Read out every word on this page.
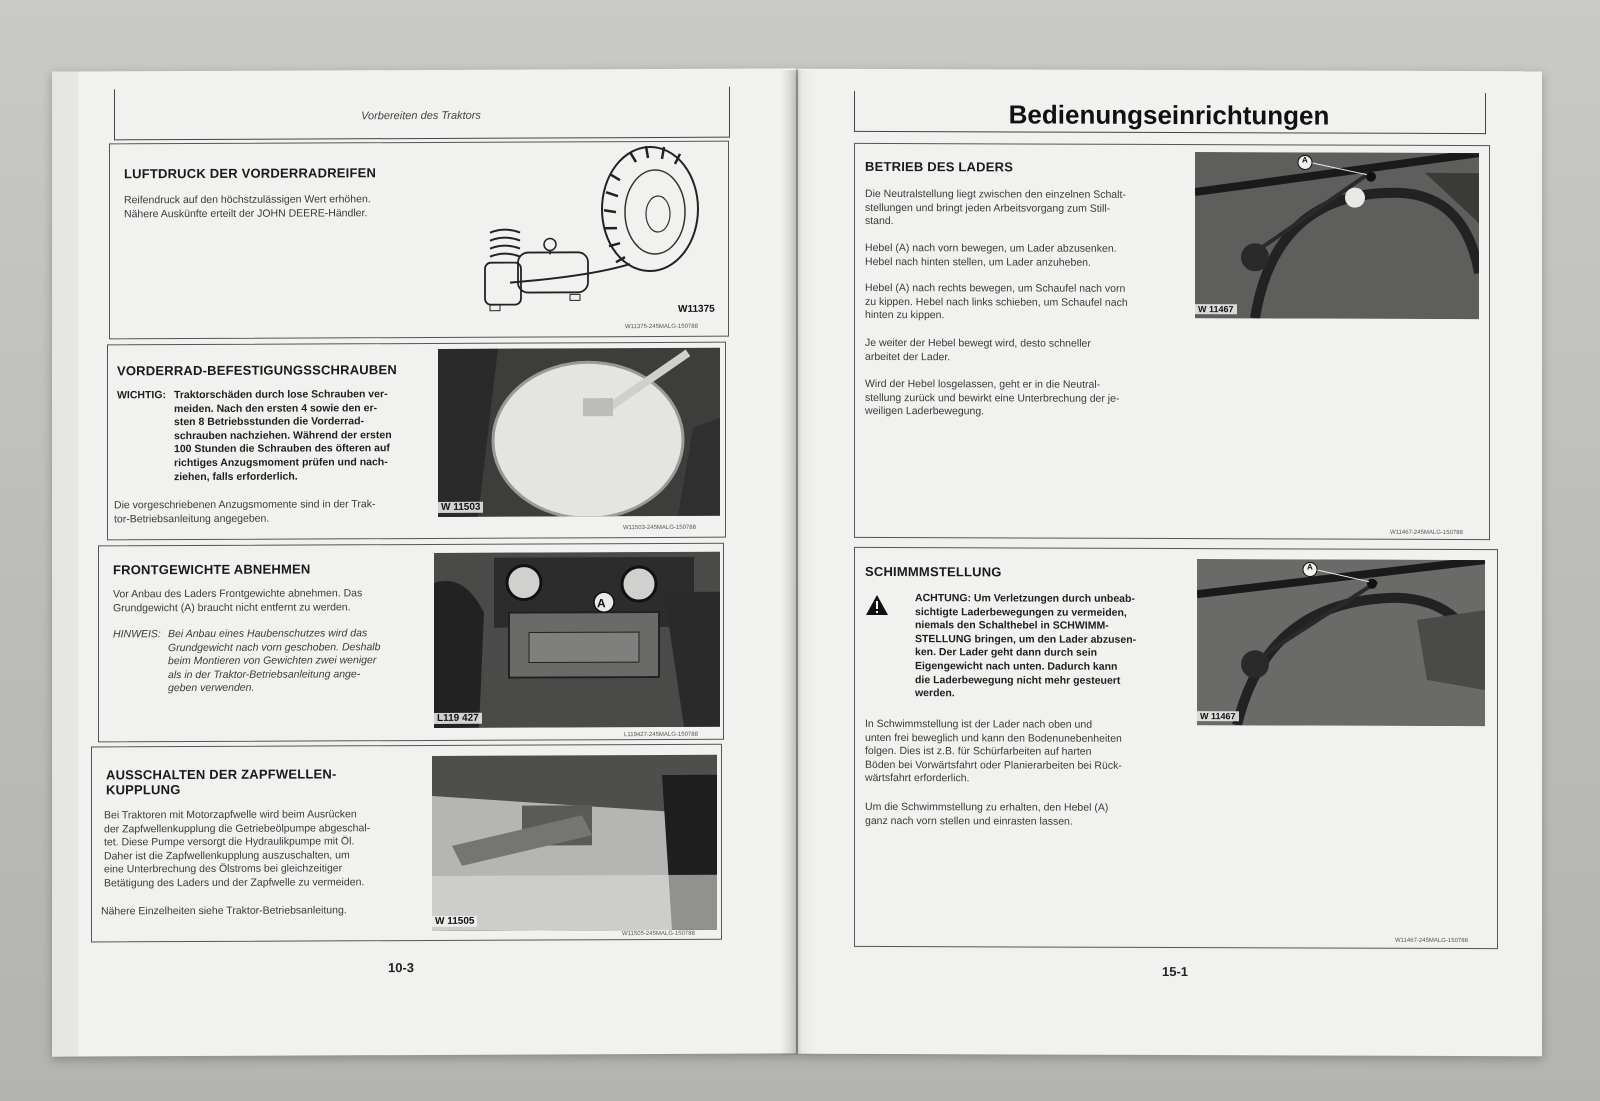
Vorbereiten des Traktors
LUFTDRUCK DER VORDERRADREIFEN
Reifendruck auf den höchstzulässigen Wert erhöhen.
Nähere Auskünfte erteilt der JOHN DEERE-Händler.
W11375
W11375-245MALG-150788
VORDERRAD-BEFESTIGUNGSSCHRAUBEN
WICHTIG: Traktorschäden durch lose Schrauben ver-
meiden. Nach den ersten 4 sowie den er-
sten 8 Betriebsstunden die Vorderrad-
schrauben nachziehen. Während der ersten
100 Stunden die Schrauben des öfteren auf
richtiges Anzugsmoment prüfen und nach-
ziehen, falls erforderlich.
Die vorgeschriebenen Anzugsmomente sind in der Trak-
tor-Betriebsanleitung angegeben.
W 11503
W11503-245MALG-150788
FRONTGEWICHTE ABNEHMEN
Vor Anbau des Laders Frontgewichte abnehmen. Das
Grundgewicht (A) braucht nicht entfernt zu werden.
HINWEIS: Bei Anbau eines Haubenschutzes wird das
Grundgewicht nach vorn geschoben. Deshalb
beim Montieren von Gewichten zwei weniger
als in der Traktor-Betriebsanleitung ange-
geben verwenden.
A
L119 427
L119427-245MALG-150788
AUSSCHALTEN DER ZAPFWELLEN-
KUPPLUNG
Bei Traktoren mit Motorzapfwelle wird beim Ausrücken
der Zapfwellenkupplung die Getriebeölpumpe abgeschal-
tet. Diese Pumpe versorgt die Hydraulikpumpe mit Öl.
Daher ist die Zapfwellenkupplung auszuschalten, um
eine Unterbrechung des Ölstroms bei gleichzeitiger
Betätigung des Laders und der Zapfwelle zu vermeiden.
Nähere Einzelheiten siehe Traktor-Betriebsanleitung.
W 11505
W11505-245MALG-150788
10-3
Bedienungseinrichtungen
BETRIEB DES LADERS
Die Neutralstellung liegt zwischen den einzelnen Schalt-
stellungen und bringt jeden Arbeitsvorgang zum Still-
stand.
Hebel (A) nach vorn bewegen, um Lader abzusenken.
Hebel nach hinten stellen, um Lader anzuheben.
Hebel (A) nach rechts bewegen, um Schaufel nach vorn
zu kippen. Hebel nach links schieben, um Schaufel nach
hinten zu kippen.
Je weiter der Hebel bewegt wird, desto schneller
arbeitet der Lader.
Wird der Hebel losgelassen, geht er in die Neutral-
stellung zurück und bewirkt eine Unterbrechung der je-
weiligen Laderbewegung.
A
W 11467
W11467-245MALG-150788
SCHIMMMSTELLUNG
ACHTUNG: Um Verletzungen durch unbeab-
sichtigte Laderbewegungen zu vermeiden,
niemals den Schalthebel in SCHWIMM-
STELLUNG bringen, um den Lader abzusen-
ken. Der Lader geht dann durch sein
Eigengewicht nach unten. Dadurch kann
die Laderbewegung nicht mehr gesteuert
werden.
In Schwimmstellung ist der Lader nach oben und
unten frei beweglich und kann den Bodenunebenheiten
folgen. Dies ist z.B. für Schürfarbeiten auf harten
Böden bei Vorwärtsfahrt oder Planierarbeiten bei Rück-
wärtsfahrt erforderlich.
Um die Schwimmstellung zu erhalten, den Hebel (A)
ganz nach vorn stellen und einrasten lassen.
A
W 11467
W11467-245MALG-150788
15-1
